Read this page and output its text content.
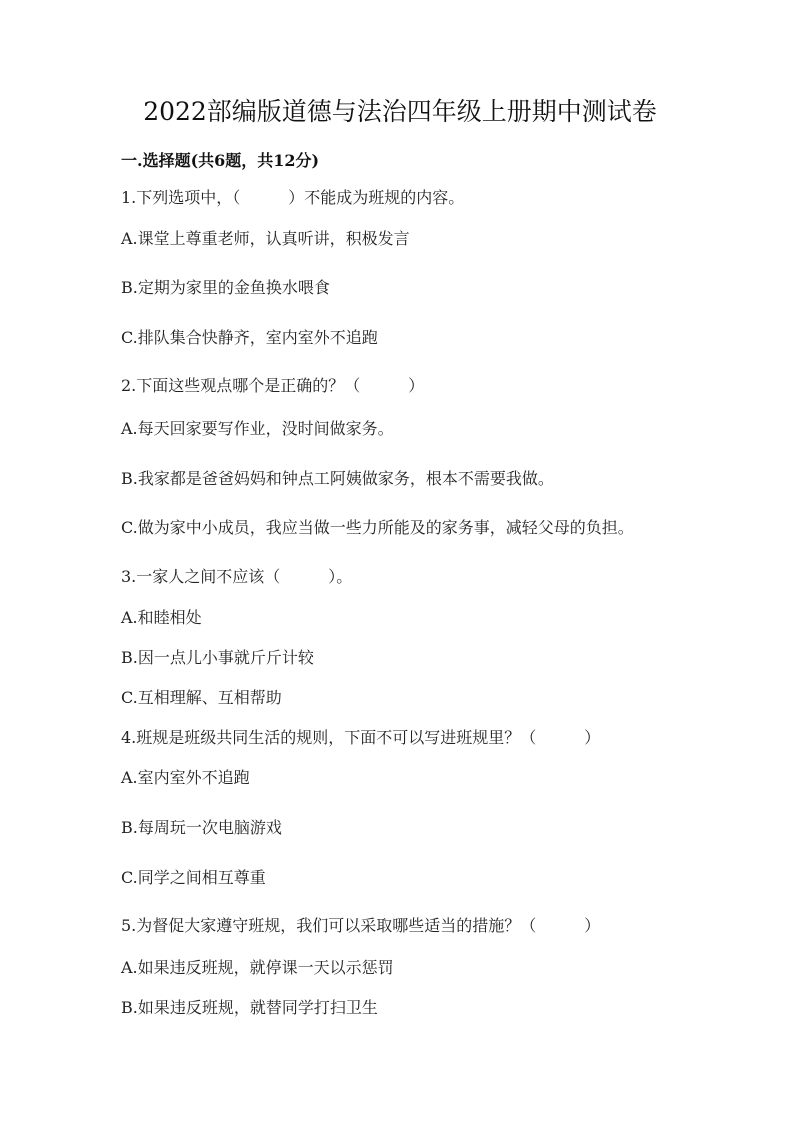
2022部编版道德与法治四年级上册期中测试卷
一.选择题(共6题，共12分)
1.下列选项中，（　　　）不能成为班规的内容。
A.课堂上尊重老师，认真听讲，积极发言
B.定期为家里的金鱼换水喂食
C.排队集合快静齐，室内室外不追跑
2.下面这些观点哪个是正确的？（　　　）
A.每天回家要写作业，没时间做家务。
B.我家都是爸爸妈妈和钟点工阿姨做家务，根本不需要我做。
C.做为家中小成员，我应当做一些力所能及的家务事，减轻父母的负担。
3.一家人之间不应该（　　　）。
A.和睦相处
B.因一点儿小事就斤斤计较
C.互相理解、互相帮助
4.班规是班级共同生活的规则，下面不可以写进班规里？（　　　）
A.室内室外不追跑
B.每周玩一次电脑游戏
C.同学之间相互尊重
5.为督促大家遵守班规，我们可以采取哪些适当的措施？（　　　）
A.如果违反班规，就停课一天以示惩罚
B.如果违反班规，就替同学打扫卫生
